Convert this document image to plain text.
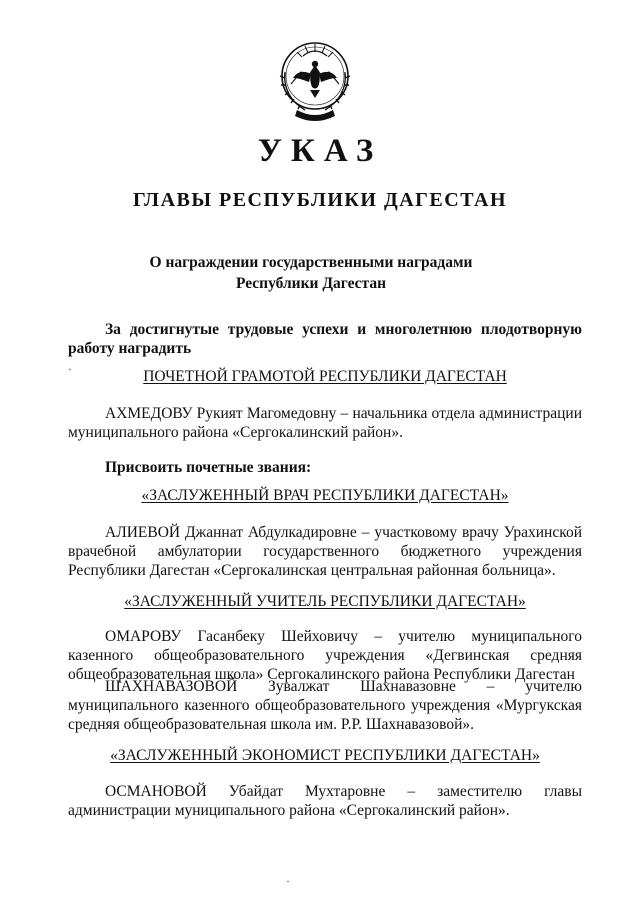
УКАЗ
ГЛАВЫ РЕСПУБЛИКИ ДАГЕСТАН
О награждении государственными наградами
Республики Дагестан
За достигнутые трудовые успехи и многолетнюю плодотворную работу наградить
`	ПОЧЕТНОЙ ГРАМОТОЙ РЕСПУБЛИКИ ДАГЕСТАН
АХМЕДОВУ Рукият Магомедовну – начальника отдела администрации муниципального района «Сергокалинский район».
Присвоить почетные звания:
«ЗАСЛУЖЕННЫЙ ВРАЧ РЕСПУБЛИКИ ДАГЕСТАН»
АЛИЕВОЙ Джаннат Абдулкадировне – участковому врачу Урахинской врачебной амбулатории государственного бюджетного учреждения Республики Дагестан «Сергокалинская центральная районная больница».
«ЗАСЛУЖЕННЫЙ УЧИТЕЛЬ РЕСПУБЛИКИ ДАГЕСТАН»
ОМАРОВУ Гасанбеку Шейховичу – учителю муниципального казенного общеобразовательного учреждения «Дегвинская средняя общеобразовательная школа» Сергокалинского района Республики Дагестан
ШАХНАВАЗОВОЙ Зувалжат Шахнавазовне – учителю муниципального казенного общеобразовательного учреждения «Мургукская средняя общеобразовательная школа им. Р.Р. Шахнавазовой».
«ЗАСЛУЖЕННЫЙ ЭКОНОМИСТ РЕСПУБЛИКИ ДАГЕСТАН»
ОСМАНОВОЙ Убайдат Мухтаровне – заместителю главы администрации муниципального района «Сергокалинский район».
·
